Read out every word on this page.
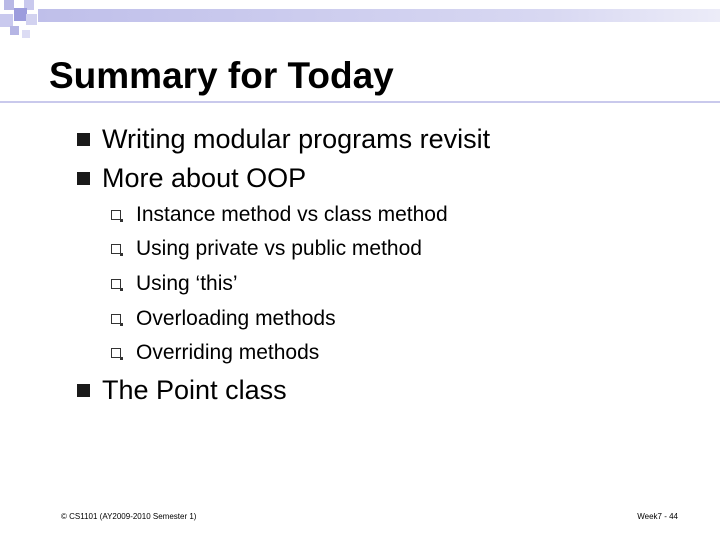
Summary for Today
Writing modular programs revisit
More about OOP
Instance method vs class method
Using private vs public method
Using ‘this’
Overloading methods
Overriding methods
The Point class
© CS1101 (AY2009-2010 Semester 1)	Week7 - 44
